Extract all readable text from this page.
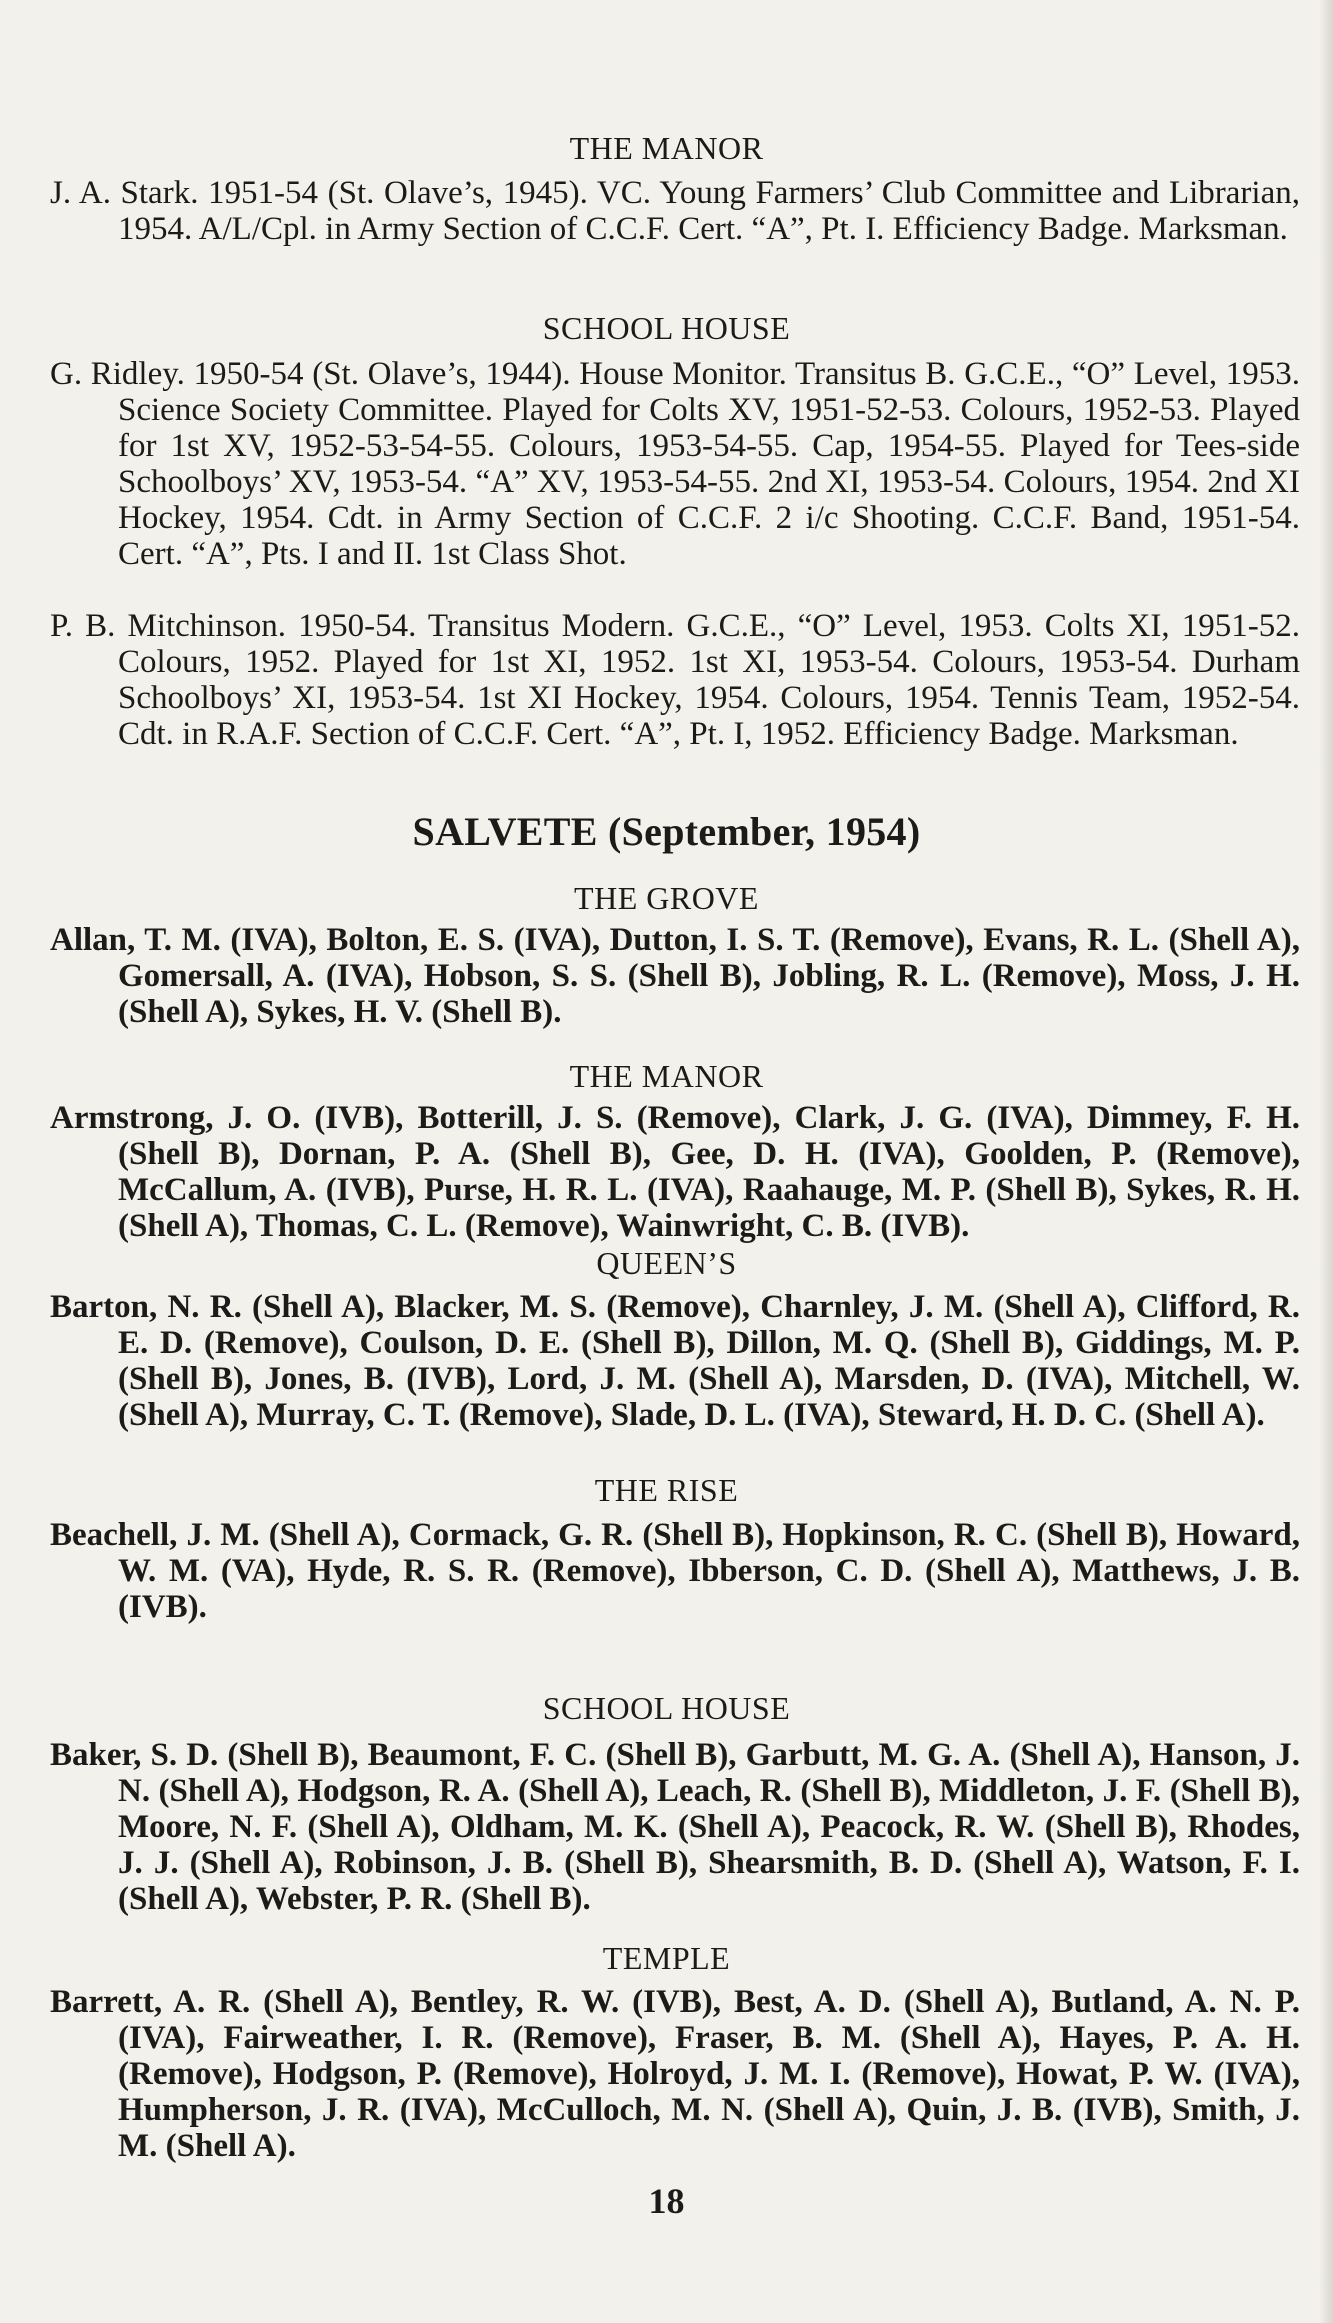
THE MANOR
J. A. Stark. 1951-54 (St. Olave’s, 1945). VC. Young Farmers’ Club Committee and Librarian, 1954. A/L/Cpl. in Army Section of C.C.F. Cert. “A”, Pt. I. Efficiency Badge. Marksman.
SCHOOL HOUSE
G. Ridley. 1950-54 (St. Olave’s, 1944). House Monitor. Transitus B. G.C.E., “O” Level, 1953. Science Society Committee. Played for Colts XV, 1951-52-53. Colours, 1952-53. Played for 1st XV, 1952-53-54-55. Colours, 1953-54-55. Cap, 1954-55. Played for Tees-side Schoolboys’ XV, 1953-54. “A” XV, 1953-54-55. 2nd XI, 1953-54. Colours, 1954. 2nd XI Hockey, 1954. Cdt. in Army Section of C.C.F. 2 i/c Shooting. C.C.F. Band, 1951-54. Cert. “A”, Pts. I and II. 1st Class Shot.
P. B. Mitchinson. 1950-54. Transitus Modern. G.C.E., “O” Level, 1953. Colts XI, 1951-52. Colours, 1952. Played for 1st XI, 1952. 1st XI, 1953-54. Colours, 1953-54. Durham Schoolboys’ XI, 1953-54. 1st XI Hockey, 1954. Colours, 1954. Tennis Team, 1952-54. Cdt. in R.A.F. Section of C.C.F. Cert. “A”, Pt. I, 1952. Efficiency Badge. Marksman.
SALVETE (September, 1954)
THE GROVE
Allan, T. M. (IVA), Bolton, E. S. (IVA), Dutton, I. S. T. (Remove), Evans, R. L. (Shell A), Gomersall, A. (IVA), Hobson, S. S. (Shell B), Jobling, R. L. (Remove), Moss, J. H. (Shell A), Sykes, H. V. (Shell B).
THE MANOR
Armstrong, J. O. (IVB), Botterill, J. S. (Remove), Clark, J. G. (IVA), Dimmey, F. H. (Shell B), Dornan, P. A. (Shell B), Gee, D. H. (IVA), Goolden, P. (Remove), McCallum, A. (IVB), Purse, H. R. L. (IVA), Raahauge, M. P. (Shell B), Sykes, R. H. (Shell A), Thomas, C. L. (Remove), Wainwright, C. B. (IVB).
QUEEN’S
Barton, N. R. (Shell A), Blacker, M. S. (Remove), Charnley, J. M. (Shell A), Clifford, R. E. D. (Remove), Coulson, D. E. (Shell B), Dillon, M. Q. (Shell B), Giddings, M. P. (Shell B), Jones, B. (IVB), Lord, J. M. (Shell A), Marsden, D. (IVA), Mitchell, W. (Shell A), Murray, C. T. (Remove), Slade, D. L. (IVA), Steward, H. D. C. (Shell A).
THE RISE
Beachell, J. M. (Shell A), Cormack, G. R. (Shell B), Hopkinson, R. C. (Shell B), Howard, W. M. (VA), Hyde, R. S. R. (Remove), Ibberson, C. D. (Shell A), Matthews, J. B. (IVB).
SCHOOL HOUSE
Baker, S. D. (Shell B), Beaumont, F. C. (Shell B), Garbutt, M. G. A. (Shell A), Hanson, J. N. (Shell A), Hodgson, R. A. (Shell A), Leach, R. (Shell B), Middleton, J. F. (Shell B), Moore, N. F. (Shell A), Oldham, M. K. (Shell A), Peacock, R. W. (Shell B), Rhodes, J. J. (Shell A), Robinson, J. B. (Shell B), Shearsmith, B. D. (Shell A), Watson, F. I. (Shell A), Webster, P. R. (Shell B).
TEMPLE
Barrett, A. R. (Shell A), Bentley, R. W. (IVB), Best, A. D. (Shell A), Butland, A. N. P. (IVA), Fairweather, I. R. (Remove), Fraser, B. M. (Shell A), Hayes, P. A. H. (Remove), Hodgson, P. (Remove), Holroyd, J. M. I. (Remove), Howat, P. W. (IVA), Humpherson, J. R. (IVA), McCulloch, M. N. (Shell A), Quin, J. B. (IVB), Smith, J. M. (Shell A).
18
